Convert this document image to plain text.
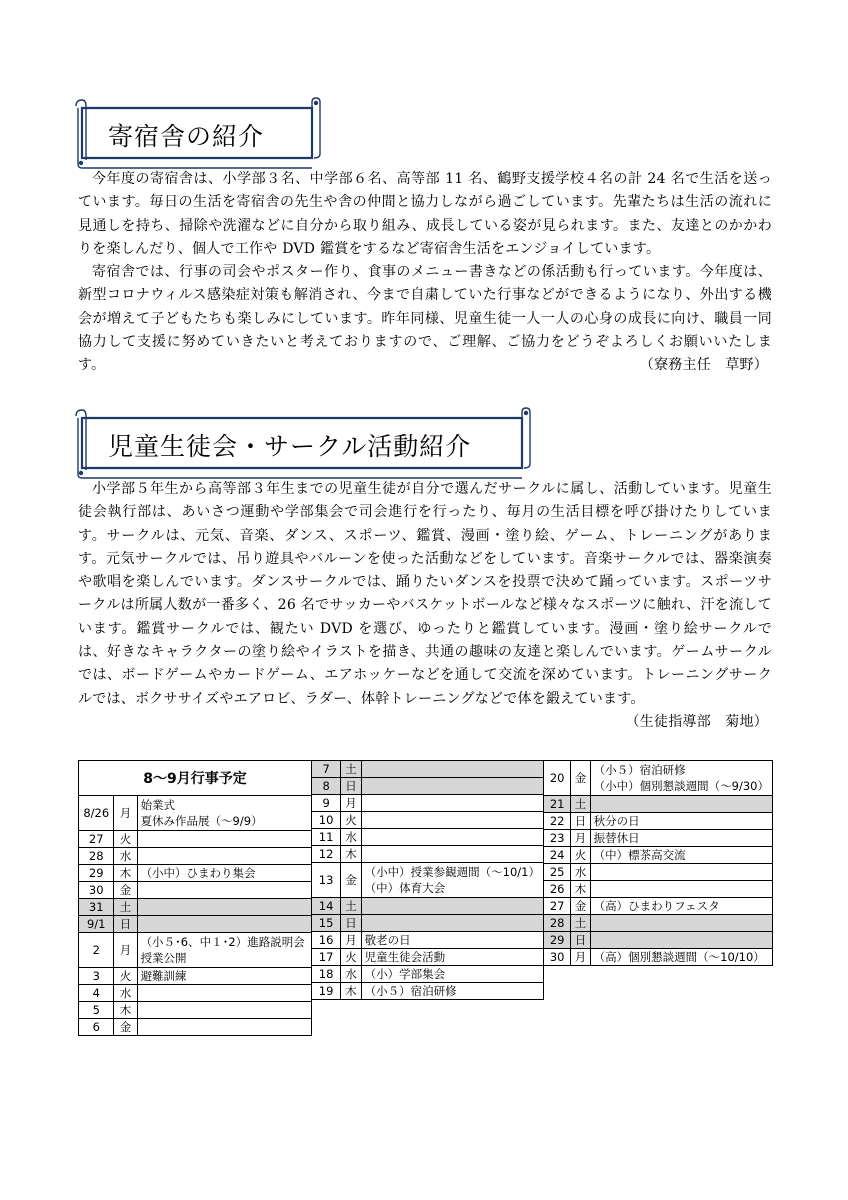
寄宿舎の紹介

今年度の寄宿舎は、小学部３名、中学部６名、高等部 11 名、鶴野支援学校４名の計 24 名で生活を送っています。毎日の生活を寄宿舎の先生や舎の仲間と協力しながら過ごしています。先輩たちは生活の流れに見通しを持ち、掃除や洗濯などに自分から取り組み、成長している姿が見られます。また、友達とのかかわりを楽しんだり、個人で工作や DVD 鑑賞をするなど寄宿舎生活をエンジョイしています。

寄宿舎では、行事の司会やポスター作り、食事のメニュー書きなどの係活動も行っています。今年度は、新型コロナウィルス感染症対策も解消され、今まで自粛していた行事などができるようになり、外出する機会が増えて子どもたちも楽しみにしています。昨年同様、児童生徒一人一人の心身の成長に向け、職員一同協力して支援に努めていきたいと考えておりますので、ご理解、ご協力をどうぞよろしくお願いいたします。	（寮務主任　草野）

児童生徒会・サークル活動紹介

小学部５年生から高等部３年生までの児童生徒が自分で選んだサークルに属し、活動しています。児童生徒会執行部は、あいさつ運動や学部集会で司会進行を行ったり、毎月の生活目標を呼び掛けたりしています。サークルは、元気、音楽、ダンス、スポーツ、鑑賞、漫画・塗り絵、ゲーム、トレーニングがあります。元気サークルでは、吊り遊具やバルーンを使った活動などをしています。音楽サークルでは、器楽演奏や歌唱を楽しんでいます。ダンスサークルでは、踊りたいダンスを投票で決めて踊っています。スポーツサークルは所属人数が一番多く、26 名でサッカーやバスケットボールなど様々なスポーツに触れ、汗を流しています。鑑賞サークルでは、観たい DVD を選び、ゆったりと鑑賞しています。漫画・塗り絵サークルでは、好きなキャラクターの塗り絵やイラストを描き、共通の趣味の友達と楽しんでいます。ゲームサークルでは、ボードゲームやカードゲーム、エアホッケーなどを通して交流を深めています。トレーニングサークルでは、ボクササイズやエアロビ、ラダー、体幹トレーニングなどで体を鍛えています。
（生徒指導部　菊地）

8～9月行事予定		
8/26	月	始業式
夏休み作品展（～9/9）

27	火	

28	水	

29	木	（小中）ひまわり集会

30	金	

31	土	

9/1	日	

2	月	（小５･6、中１･2）進路説明会
授業公開

3	火	避難訓練

4	水	

5	木	

6	金	
7	土	

8	日	

9	月	

10	火	

11	水	

12	木	

13	金	（小中）授業参観週間（～10/1）
（中）体育大会

14	土	

15	日	

16	月	敬老の日

17	火	児童生徒会活動

18	水	（小）学部集会

19	木	（小５）宿泊研修
20	金	（小５）宿泊研修
（小中）個別懇談週間（～9/30）

21	土	

22	日	秋分の日

23	月	振替休日

24	火	（中）標茶高交流

25	水	

26	木	

27	金	（高）ひまわりフェスタ

28	土	

29	日	

30	月	（高）個別懇談週間（～10/10）
